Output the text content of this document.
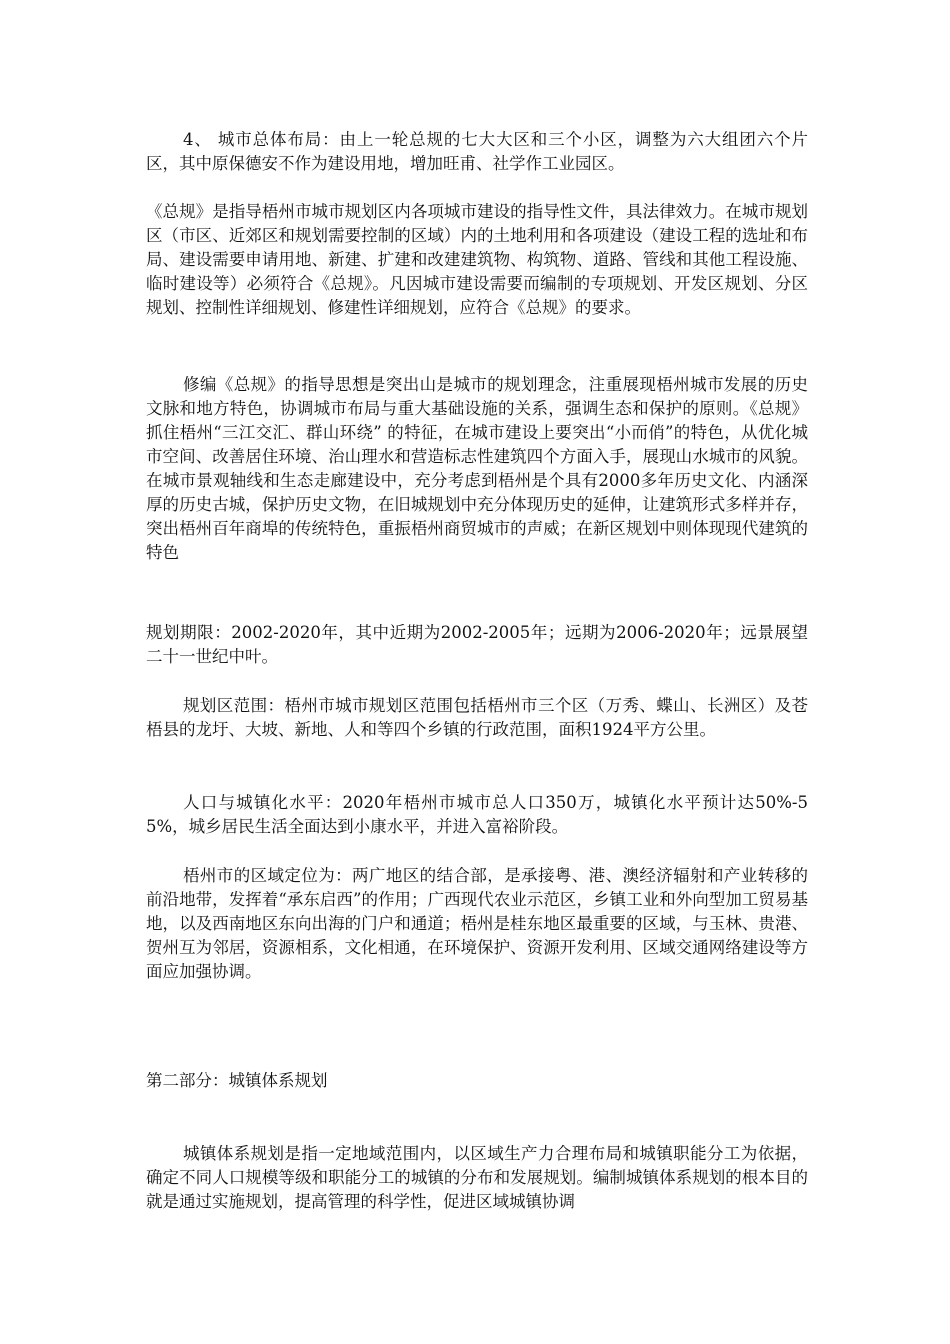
4、 城市总体布局：由上一轮总规的七大大区和三个小区，调整为六大组团六个片区，其中原保德安不作为建设用地，增加旺甫、社学作工业园区。

《总规》是指导梧州市城市规划区内各项城市建设的指导性文件，具法律效力。在城市规划区（市区、近郊区和规划需要控制的区域）内的土地利用和各项建设（建设工程的选址和布局、建设需要申请用地、新建、扩建和改建建筑物、构筑物、道路、管线和其他工程设施、临时建设等）必须符合《总规》。凡因城市建设需要而编制的专项规划、开发区规划、分区规划、控制性详细规划、修建性详细规划，应符合《总规》的要求。

修编《总规》的指导思想是突出山是城市的规划理念，注重展现梧州城市发展的历史文脉和地方特色，协调城市布局与重大基础设施的关系，强调生态和保护的原则。《总规》抓住梧州“三江交汇、群山环绕” 的特征，在城市建设上要突出“小而俏”的特色，从优化城市空间、改善居住环境、治山理水和营造标志性建筑四个方面入手，展现山水城市的风貌。在城市景观轴线和生态走廊建设中，充分考虑到梧州是个具有2000多年历史文化、内涵深厚的历史古城，保护历史文物，在旧城规划中充分体现历史的延伸，让建筑形式多样并存，突出梧州百年商埠的传统特色，重振梧州商贸城市的声威；在新区规划中则体现现代建筑的特色

规划期限：2002-2020年，其中近期为2002-2005年；远期为2006-2020年；远景展望二十一世纪中叶。

规划区范围：梧州市城市规划区范围包括梧州市三个区（万秀、蝶山、长洲区）及苍梧县的龙圩、大坡、新地、人和等四个乡镇的行政范围，面积1924平方公里。

人口与城镇化水平：2020年梧州市城市总人口350万，城镇化水平预计达50%-55%，城乡居民生活全面达到小康水平，并进入富裕阶段。

梧州市的区域定位为：两广地区的结合部，是承接粤、港、澳经济辐射和产业转移的前沿地带，发挥着“承东启西”的作用；广西现代农业示范区，乡镇工业和外向型加工贸易基地，以及西南地区东向出海的门户和通道；梧州是桂东地区最重要的区域，与玉林、贵港、贺州互为邻居，资源相系，文化相通，在环境保护、资源开发利用、区域交通网络建设等方面应加强协调。

第二部分：城镇体系规划

城镇体系规划是指一定地域范围内，以区域生产力合理布局和城镇职能分工为依据，确定不同人口规模等级和职能分工的城镇的分布和发展规划。编制城镇体系规划的根本目的就是通过实施规划，提高管理的科学性，促进区域城镇协调
